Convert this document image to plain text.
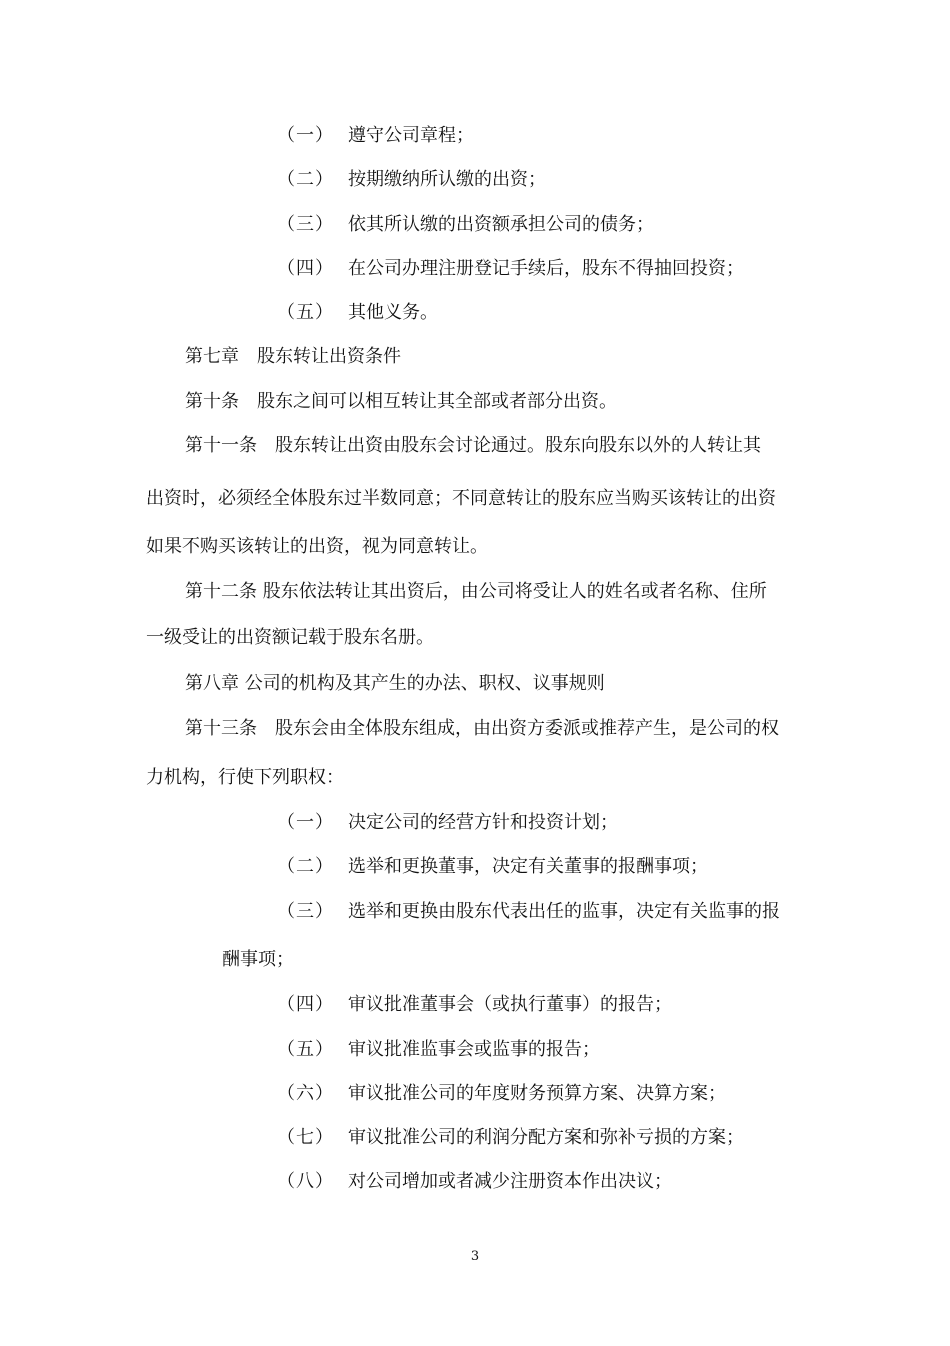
（一） 遵守公司章程；
（二） 按期缴纳所认缴的出资；
（三） 依其所认缴的出资额承担公司的债务；
（四） 在公司办理注册登记手续后，股东不得抽回投资；
（五） 其他义务。
第七章　股东转让出资条件
第十条　股东之间可以相互转让其全部或者部分出资。
第十一条　股东转让出资由股东会讨论通过。股东向股东以外的人转让其
出资时，必须经全体股东过半数同意；不同意转让的股东应当购买该转让的出资
如果不购买该转让的出资，视为同意转让。
第十二条 股东依法转让其出资后，由公司将受让人的姓名或者名称、住所
一级受让的出资额记载于股东名册。
第八章 公司的机构及其产生的办法、职权、议事规则
第十三条　股东会由全体股东组成，由出资方委派或推荐产生，是公司的权
力机构，行使下列职权：
（一） 决定公司的经营方针和投资计划；
（二） 选举和更换董事，决定有关董事的报酬事项；
（三） 选举和更换由股东代表出任的监事，决定有关监事的报
酬事项；
（四） 审议批准董事会（或执行董事）的报告；
（五） 审议批准监事会或监事的报告；
（六） 审议批准公司的年度财务预算方案、决算方案；
（七） 审议批准公司的利润分配方案和弥补亏损的方案；
（八） 对公司增加或者减少注册资本作出决议；
3
